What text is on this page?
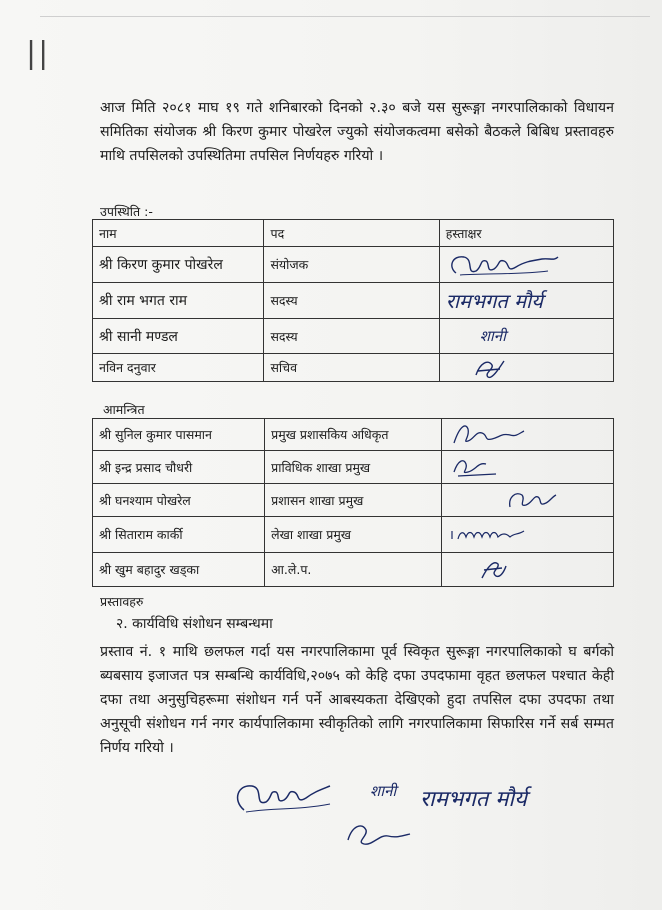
||
आज मिति २०८१ माघ १९ गते शनिबारको दिनको २.३० बजे यस सुरूङ्गा नगरपालिकाको विधायन समितिका संयोजक श्री किरण कुमार पोखरेल ज्युको संयोजकत्वमा बसेको बैठकले बिबिध प्रस्तावहरु माथि तपसिलको उपस्थितिमा तपसिल निर्णयहरु गरियो ।
उपस्थिति :-
नाम	पद	हस्ताक्षर
श्री किरण कुमार पोखरेल	संयोजक	

श्री राम भगत राम	सदस्य	रामभगत मौर्य
श्री सानी मण्डल	सदस्य	शानी
नविन दनुवार	सचिव	
आमन्त्रित
श्री सुनिल कुमार पासमान	प्रमुख प्रशासकिय अधिकृत	

श्री इन्द्र प्रसाद चौधरी	प्राविधिक शाखा प्रमुख	

श्री घनश्याम पोखरेल	प्रशासन शाखा प्रमुख	

श्री सिताराम कार्की	लेखा शाखा प्रमुख	

श्री खुम बहादुर खड्का	आ.ले.प.	
प्रस्तावहरु
२. कार्यविधि संशोधन सम्बन्धमा
प्रस्ताव नं. १ माथि छलफल गर्दा यस नगरपालिकामा पूर्व स्विकृत सुरूङ्गा नगरपालिकाको घ बर्गको ब्यबसाय इजाजत पत्र सम्बन्धि कार्यविधि,२०७५ को केहि दफा उपदफामा वृहत छलफल पश्चात केही दफा तथा अनुसुचिहरूमा संशोधन गर्न पर्ने आबस्यकता देखिएको हुदा तपसिल दफा उपदफा तथा अनुसूची संशोधन गर्न नगर कार्यपालिकामा स्वीकृतिको लागि नगरपालिकामा सिफारिस गर्ने सर्ब सम्मत निर्णय गरियो ।
शानी रामभगत मौर्य
